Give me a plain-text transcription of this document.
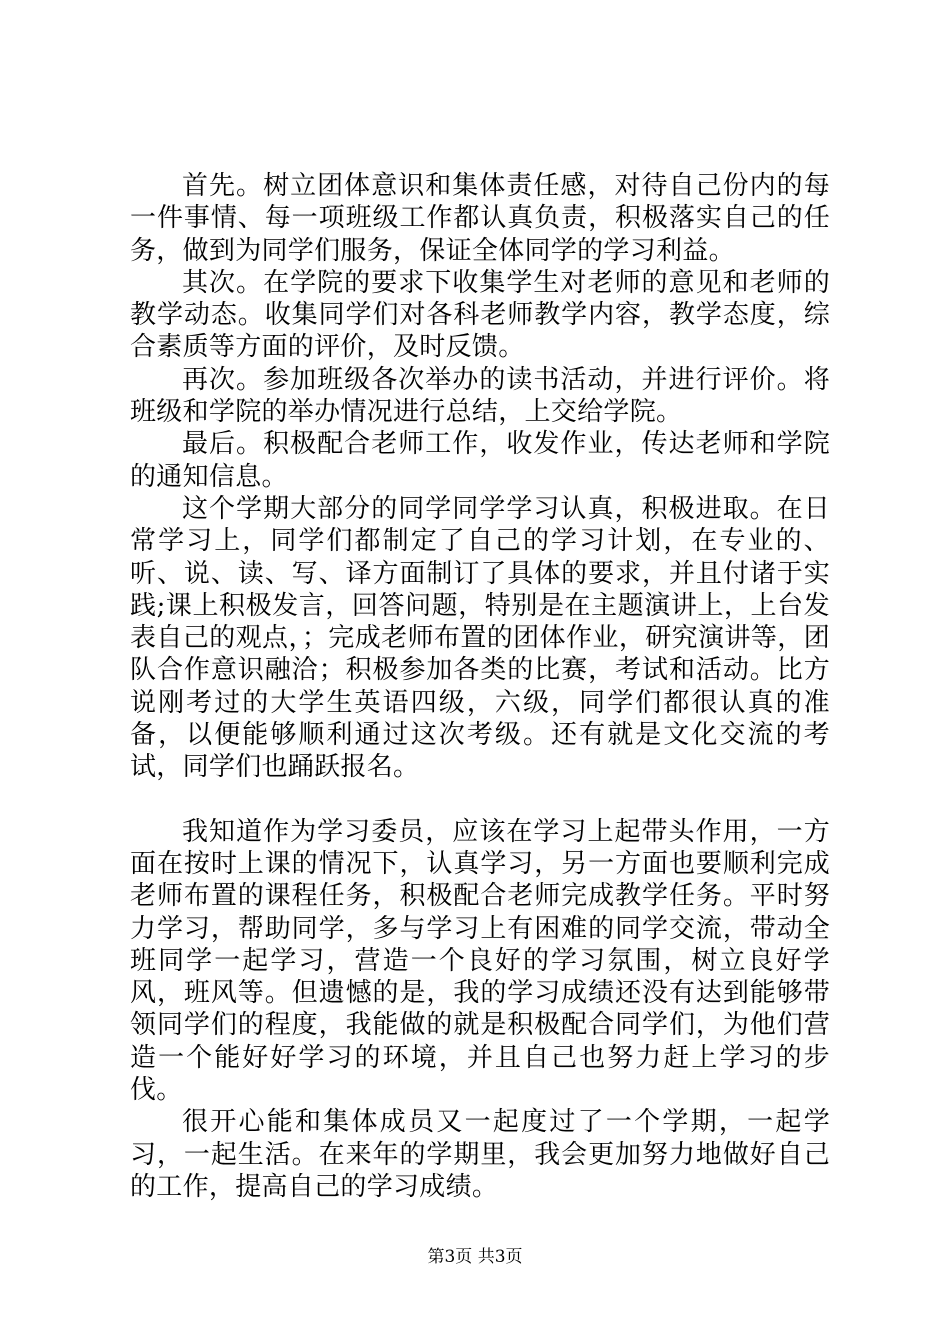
首先。树立团体意识和集体责任感，对待自己份内的每一件事情、每一项班级工作都认真负责，积极落实自己的任务，做到为同学们服务，保证全体同学的学习利益。

其次。在学院的要求下收集学生对老师的意见和老师的教学动态。收集同学们对各科老师教学内容，教学态度，综合素质等方面的评价，及时反馈。

再次。参加班级各次举办的读书活动，并进行评价。将班级和学院的举办情况进行总结，上交给学院。

最后。积极配合老师工作，收发作业，传达老师和学院的通知信息。

这个学期大部分的同学同学学习认真，积极进取。在日常学习上，同学们都制定了自己的学习计划，在专业的、听、说、读、写、译方面制订了具体的要求，并且付诸于实践;课上积极发言，回答问题，特别是在主题演讲上，上台发表自己的观点，；完成老师布置的团体作业，研究演讲等，团队合作意识融洽；积极参加各类的比赛，考试和活动。比方说刚考过的大学生英语四级，六级，同学们都很认真的准备，以便能够顺利通过这次考级。还有就是文化交流的考试，同学们也踊跃报名。

我知道作为学习委员，应该在学习上起带头作用，一方面在按时上课的情况下，认真学习，另一方面也要顺利完成老师布置的课程任务，积极配合老师完成教学任务。平时努力学习，帮助同学，多与学习上有困难的同学交流，带动全班同学一起学习，营造一个良好的学习氛围，树立良好学风，班风等。但遗憾的是，我的学习成绩还没有达到能够带领同学们的程度，我能做的就是积极配合同学们，为他们营造一个能好好学习的环境，并且自己也努力赶上学习的步伐。

很开心能和集体成员又一起度过了一个学期，一起学习，一起生活。在来年的学期里，我会更加努力地做好自己的工作，提高自己的学习成绩。

第3页 共3页
